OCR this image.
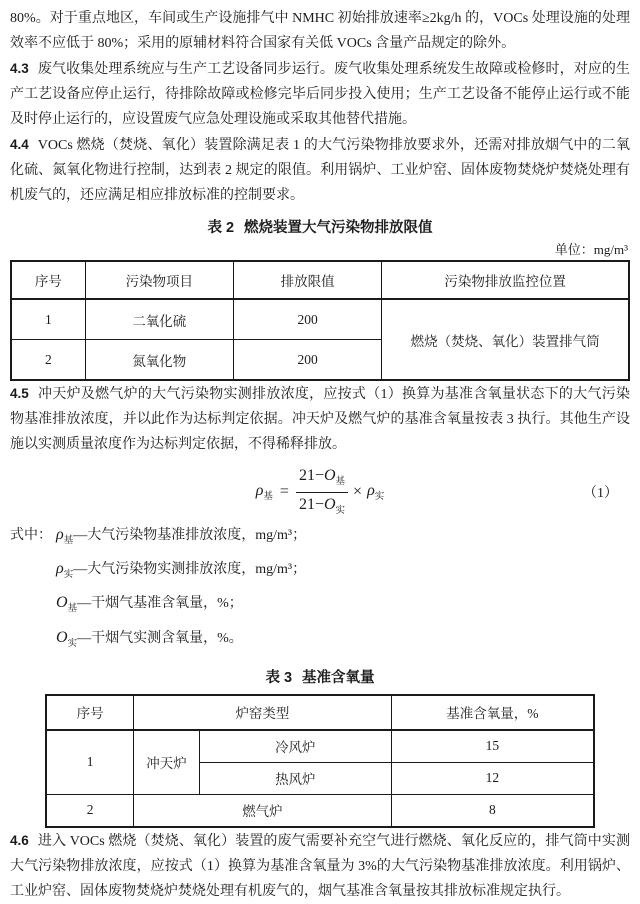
80%。对于重点地区，车间或生产设施排气中 NMHC 初始排放速率≥2kg/h 的，VOCs 处理设施的处理效率不应低于 80%；采用的原辅材料符合国家有关低 VOCs 含量产品规定的除外。

4.3 废气收集处理系统应与生产工艺设备同步运行。废气收集处理系统发生故障或检修时，对应的生产工艺设备应停止运行，待排除故障或检修完毕后同步投入使用；生产工艺设备不能停止运行或不能及时停止运行的，应设置废气应急处理设施或采取其他替代措施。

4.4 VOCs 燃烧（焚烧、氧化）装置除满足表 1 的大气污染物排放要求外，还需对排放烟气中的二氧化硫、氮氧化物进行控制，达到表 2 规定的限值。利用锅炉、工业炉窑、固体废物焚烧炉焚烧处理有机废气的，还应满足相应排放标准的控制要求。

表 2 燃烧装置大气污染物排放限值
单位：mg/m³
序号	污染物项目	排放限值	污染物排放监控位置
1	二氧化硫	200	燃烧（焚烧、氧化）装置排气筒
2	氮氧化物	200	

4.5 冲天炉及燃气炉的大气污染物实测排放浓度，应按式（1）换算为基准含氧量状态下的大气污染物基准排放浓度，并以此作为达标判定依据。冲天炉及燃气炉的基准含氧量按表 3 执行。其他生产设施以实测质量浓度作为达标判定依据，不得稀释排放。

$\rho_基 = \frac{21-O_基}{21-O_实} \times \rho_实$	（1）
式中： $\rho_基—$大气污染物基准排放浓度，mg/m³；
$\rho_实—$大气污染物实测排放浓度，mg/m³；
$O_基—$干烟气基准含氧量，%；
$O_实—$干烟气实测含氧量，%。
表 3 基准含氧量
序号	炉窑类型		基准含氧量，%
1	冲天炉	冷风炉	15
		热风炉	12
2	燃气炉		8

4.6 进入 VOCs 燃烧（焚烧、氧化）装置的废气需要补充空气进行燃烧、氧化反应的，排气筒中实测大气污染物排放浓度，应按式（1）换算为基准含氧量为 3%的大气污染物基准排放浓度。利用锅炉、工业炉窑、固体废物焚烧炉焚烧处理有机废气的，烟气基准含氧量按其排放标准规定执行。
